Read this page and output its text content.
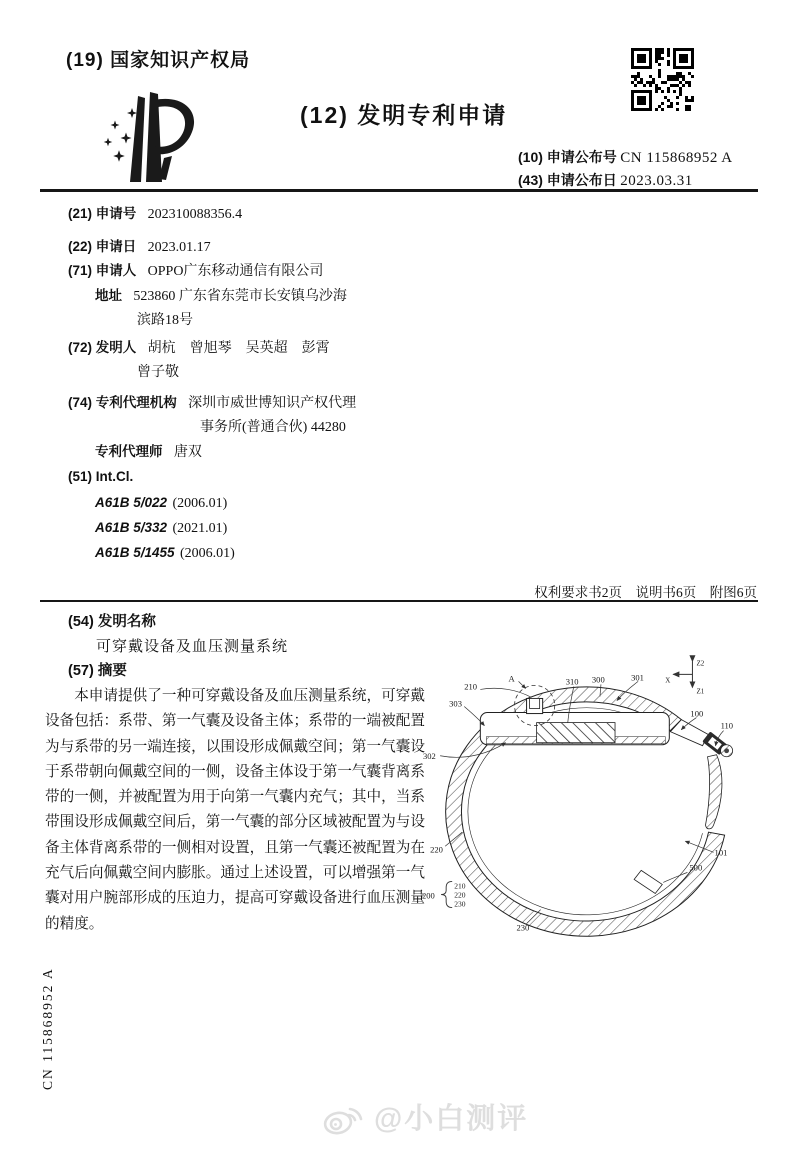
(19) 国家知识产权局
(12) 发明专利申请
(10) 申请公布号 CN 115868952 A
(43) 申请公布日 2023.03.31
(21) 申请号 202310088356.4
(22) 申请日 2023.01.17
(71) 申请人 OPPO广东移动通信有限公司
地址 523860 广东省东莞市长安镇乌沙海
滨路18号
(72) 发明人 胡杭　曾旭琴　吴英超　彭霄
曾子敬
(74) 专利代理机构 深圳市威世博知识产权代理
事务所(普通合伙) 44280
专利代理师 唐双
(51) Int.Cl.
A61B 5/022 (2006.01)
A61B 5/332 (2021.01)
A61B 5/1455 (2006.01)
权利要求书2页　说明书6页　附图6页
(54) 发明名称
可穿戴设备及血压测量系统
(57) 摘要
本申请提供了一种可穿戴设备及血压测量系统，可穿戴设备包括：系带、第一气囊及设备主体；系带的一端被配置为与系带的另一端连接，以围设形成佩戴空间；第一气囊设于系带朝向佩戴空间的一侧，设备主体设于第一气囊背离系带的一侧，并被配置为用于向第一气囊内充气；其中，当系带围设形成佩戴空间后，第一气囊的部分区域被配置为与设备主体背离系带的一侧相对设置，且第一气囊还被配置为在充气后向佩戴空间内膨胀。通过上述设置，可以增强第一气囊对用户腕部形成的压迫力，提高可穿戴设备进行血压测量的精度。
A
210
303
302
220
200
210
220
230
230
500
101
110
100
301
300
310
Z2
Z1
X
CN 115868952 A
@小白测评
